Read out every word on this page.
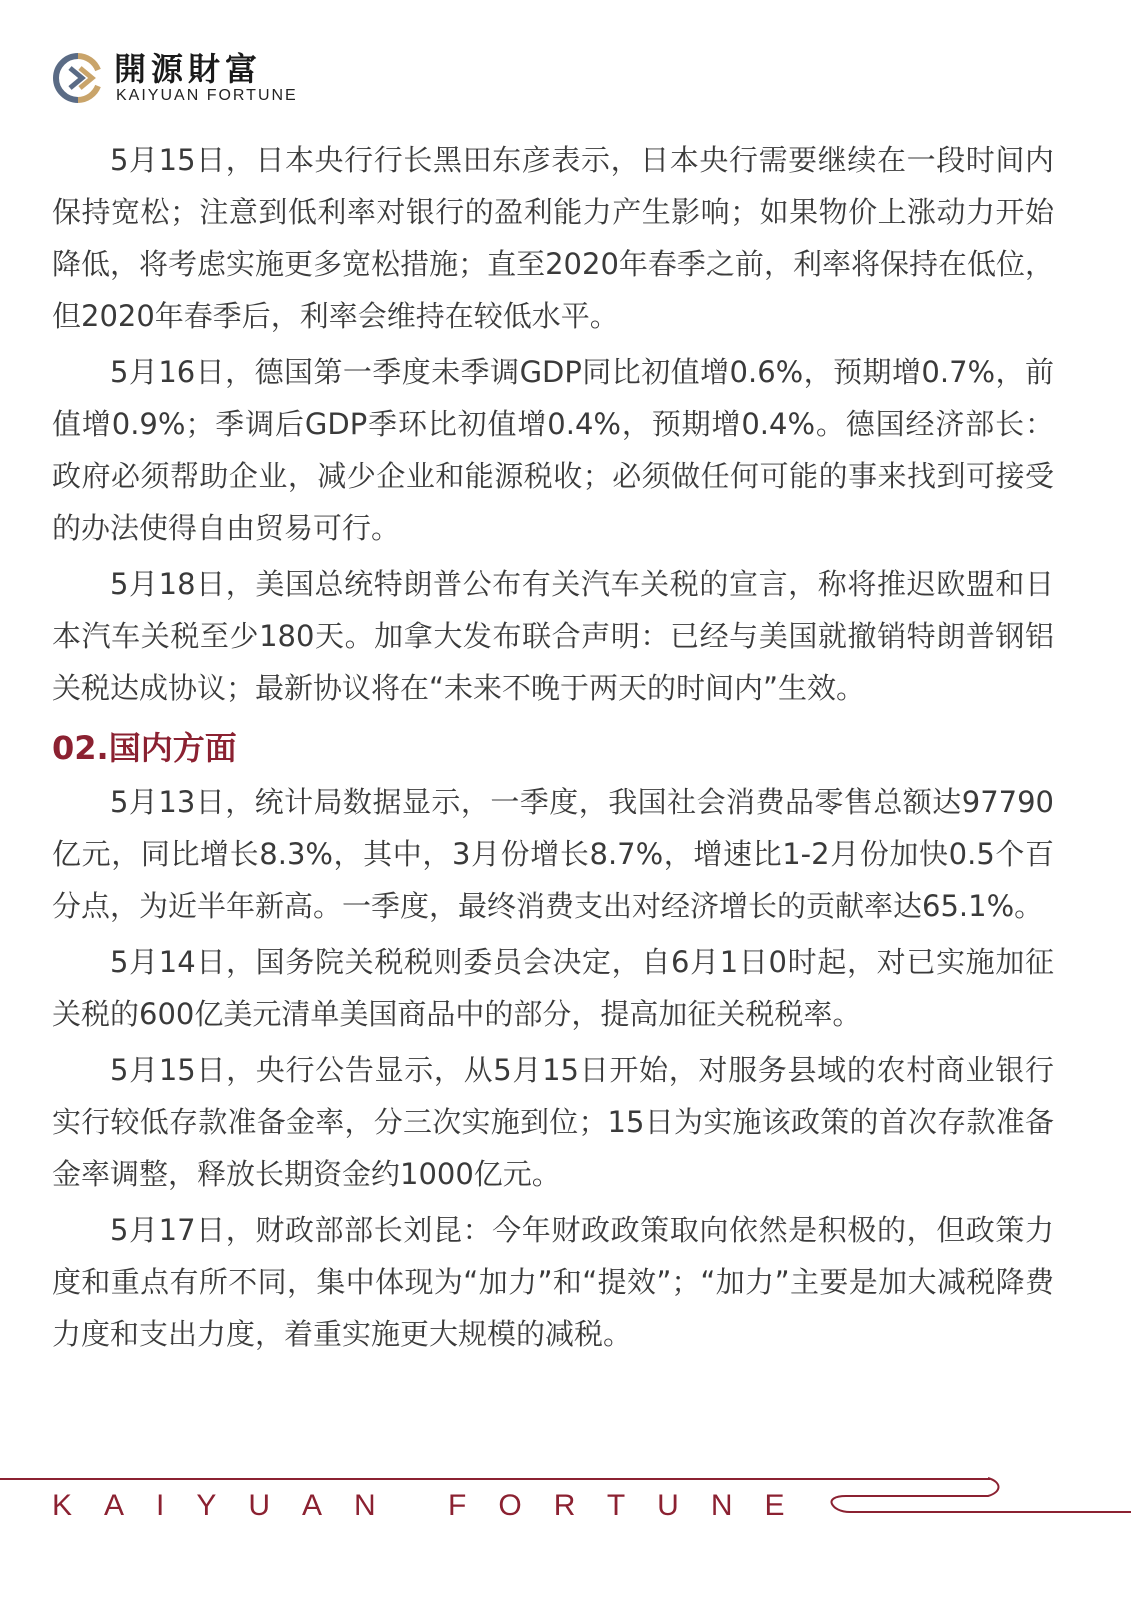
開源財富
KAIYUAN FORTUNE

5月15日，日本央行行长黑田东彦表示，日本央行需要继续在一段时间内保持宽松；注意到低利率对银行的盈利能力产生影响；如果物价上涨动力开始降低，将考虑实施更多宽松措施；直至2020年春季之前，利率将保持在低位，但2020年春季后，利率会维持在较低水平。

5月16日，德国第一季度未季调GDP同比初值增0.6%，预期增0.7%，前值增0.9%；季调后GDP季环比初值增0.4%，预期增0.4%。德国经济部长：政府必须帮助企业，减少企业和能源税收；必须做任何可能的事来找到可接受的办法使得自由贸易可行。

5月18日，美国总统特朗普公布有关汽车关税的宣言，称将推迟欧盟和日本汽车关税至少180天。加拿大发布联合声明：已经与美国就撤销特朗普钢铝关税达成协议；最新协议将在“未来不晚于两天的时间内”生效。

02.国内方面

5月13日，统计局数据显示，一季度，我国社会消费品零售总额达97790亿元，同比增长8.3%，其中，3月份增长8.7%，增速比1-2月份加快0.5个百分点，为近半年新高。一季度，最终消费支出对经济增长的贡献率达65.1%。

5月14日，国务院关税税则委员会决定，自6月1日0时起，对已实施加征关税的600亿美元清单美国商品中的部分，提高加征关税税率。

5月15日，央行公告显示，从5月15日开始，对服务县域的农村商业银行实行较低存款准备金率，分三次实施到位；15日为实施该政策的首次存款准备金率调整，释放长期资金约1000亿元。

5月17日，财政部部长刘昆：今年财政政策取向依然是积极的，但政策力度和重点有所不同，集中体现为“加力”和“提效”；“加力”主要是加大减税降费力度和支出力度，着重实施更大规模的减税。

KAIYUAN FORTUNE
